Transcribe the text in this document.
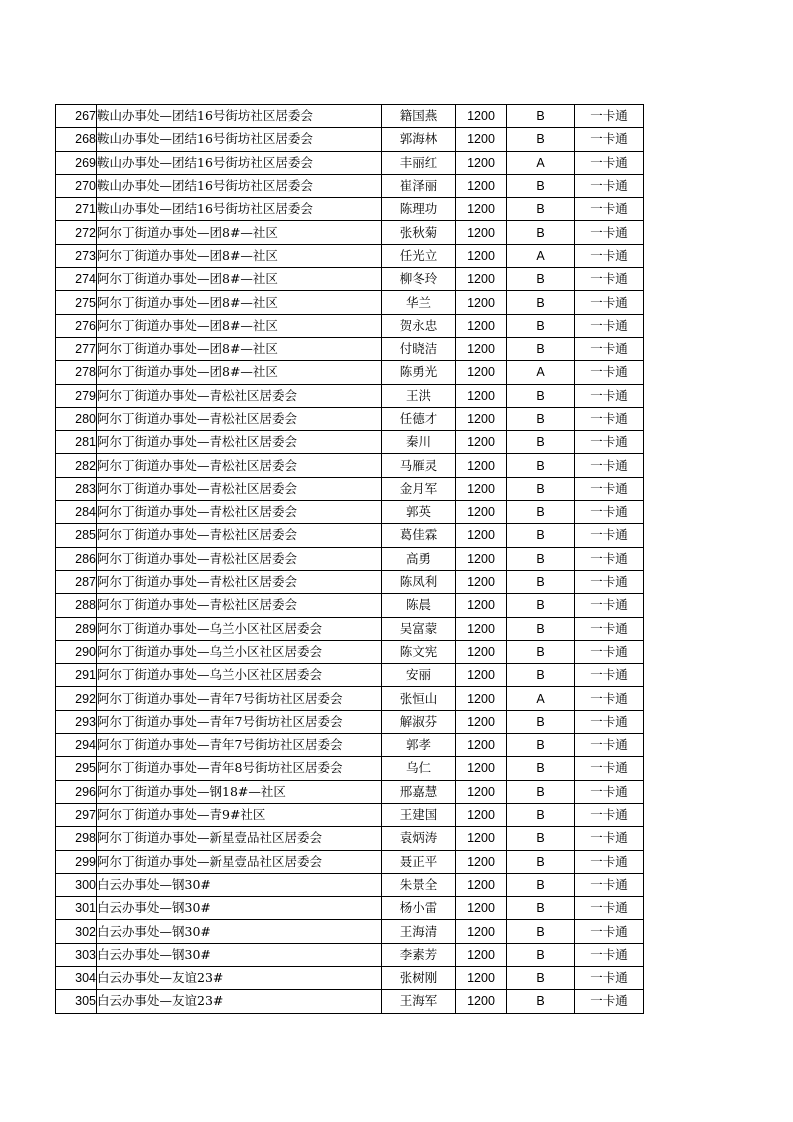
267	鞍山办事处—团结16号街坊社区居委会	籍国燕	1200	B	一卡通
268	鞍山办事处—团结16号街坊社区居委会	郭海林	1200	B	一卡通
269	鞍山办事处—团结16号街坊社区居委会	丰丽红	1200	A	一卡通
270	鞍山办事处—团结16号街坊社区居委会	崔泽丽	1200	B	一卡通
271	鞍山办事处—团结16号街坊社区居委会	陈理功	1200	B	一卡通
272	阿尔丁街道办事处—团8#—社区	张秋菊	1200	B	一卡通
273	阿尔丁街道办事处—团8#—社区	任光立	1200	A	一卡通
274	阿尔丁街道办事处—团8#—社区	柳冬玲	1200	B	一卡通
275	阿尔丁街道办事处—团8#—社区	华兰	1200	B	一卡通
276	阿尔丁街道办事处—团8#—社区	贺永忠	1200	B	一卡通
277	阿尔丁街道办事处—团8#—社区	付晓洁	1200	B	一卡通
278	阿尔丁街道办事处—团8#—社区	陈勇光	1200	A	一卡通
279	阿尔丁街道办事处—青松社区居委会	王洪	1200	B	一卡通
280	阿尔丁街道办事处—青松社区居委会	任德才	1200	B	一卡通
281	阿尔丁街道办事处—青松社区居委会	秦川	1200	B	一卡通
282	阿尔丁街道办事处—青松社区居委会	马雁灵	1200	B	一卡通
283	阿尔丁街道办事处—青松社区居委会	金月军	1200	B	一卡通
284	阿尔丁街道办事处—青松社区居委会	郭英	1200	B	一卡通
285	阿尔丁街道办事处—青松社区居委会	葛佳霖	1200	B	一卡通
286	阿尔丁街道办事处—青松社区居委会	高勇	1200	B	一卡通
287	阿尔丁街道办事处—青松社区居委会	陈凤利	1200	B	一卡通
288	阿尔丁街道办事处—青松社区居委会	陈晨	1200	B	一卡通
289	阿尔丁街道办事处—乌兰小区社区居委会	吴富蒙	1200	B	一卡通
290	阿尔丁街道办事处—乌兰小区社区居委会	陈文宪	1200	B	一卡通
291	阿尔丁街道办事处—乌兰小区社区居委会	安丽	1200	B	一卡通
292	阿尔丁街道办事处—青年7号街坊社区居委会	张恒山	1200	A	一卡通
293	阿尔丁街道办事处—青年7号街坊社区居委会	解淑芬	1200	B	一卡通
294	阿尔丁街道办事处—青年7号街坊社区居委会	郭孝	1200	B	一卡通
295	阿尔丁街道办事处—青年8号街坊社区居委会	乌仁	1200	B	一卡通
296	阿尔丁街道办事处—钢18#—社区	邢嘉慧	1200	B	一卡通
297	阿尔丁街道办事处—青9#社区	王建国	1200	B	一卡通
298	阿尔丁街道办事处—新星壹品社区居委会	袁炳涛	1200	B	一卡通
299	阿尔丁街道办事处—新星壹品社区居委会	聂正平	1200	B	一卡通
300	白云办事处—钢30#	朱景全	1200	B	一卡通
301	白云办事处—钢30#	杨小雷	1200	B	一卡通
302	白云办事处—钢30#	王海清	1200	B	一卡通
303	白云办事处—钢30#	李素芳	1200	B	一卡通
304	白云办事处—友谊23#	张树刚	1200	B	一卡通
305	白云办事处—友谊23#	王海军	1200	B	一卡通
